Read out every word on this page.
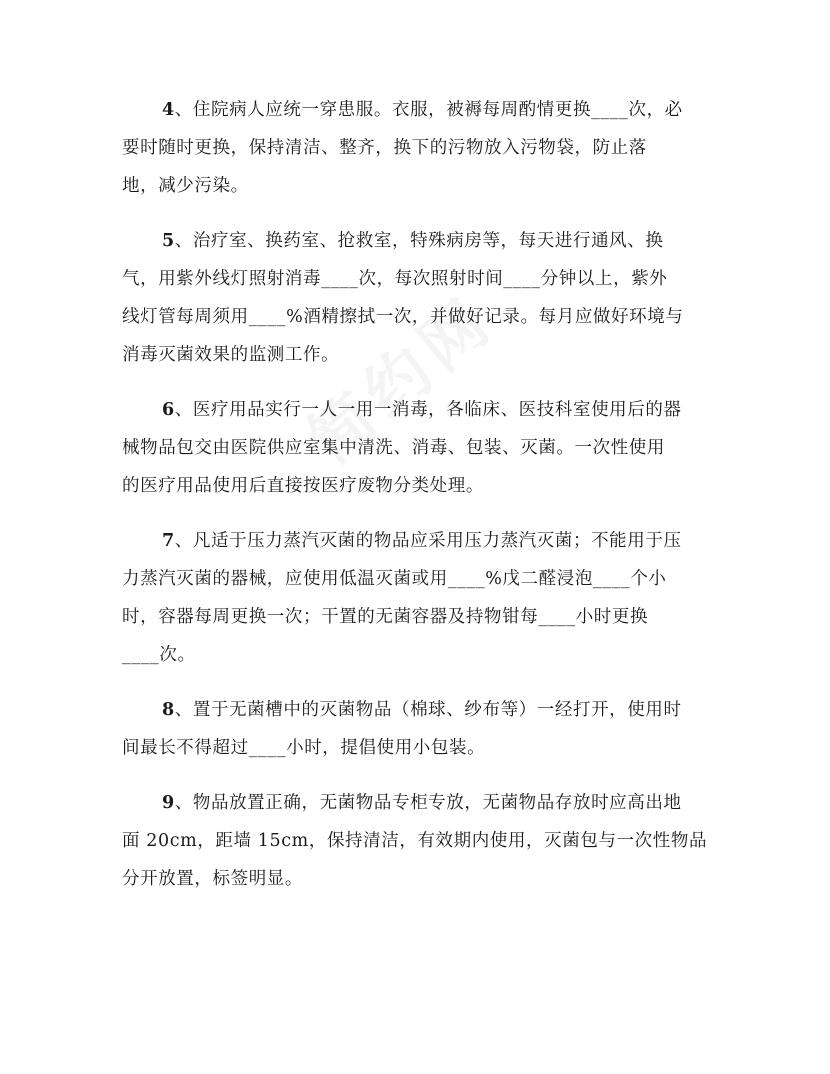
4、住院病人应统一穿患服。衣服，被褥每周酌情更换____次，必
要时随时更换，保持清洁、整齐，换下的污物放入污物袋，防止落
地，减少污染。

5、治疗室、换药室、抢救室，特殊病房等，每天进行通风、换
气，用紫外线灯照射消毒____次，每次照射时间____分钟以上，紫外
线灯管每周须用____%酒精擦拭一次，并做好记录。每月应做好环境与
消毒灭菌效果的监测工作。

6、医疗用品实行一人一用一消毒，各临床、医技科室使用后的器
械物品包交由医院供应室集中清洗、消毒、包装、灭菌。一次性使用
的医疗用品使用后直接按医疗废物分类处理。

7、凡适于压力蒸汽灭菌的物品应采用压力蒸汽灭菌；不能用于压
力蒸汽灭菌的器械，应使用低温灭菌或用____%戊二醛浸泡____个小
时，容器每周更换一次；干置的无菌容器及持物钳每____小时更换
____次。

8、置于无菌槽中的灭菌物品（棉球、纱布等）一经打开，使用时
间最长不得超过____小时，提倡使用小包装。

9、物品放置正确，无菌物品专柜专放，无菌物品存放时应高出地
面 20cm，距墙 15cm，保持清洁，有效期内使用，灭菌包与一次性物品
分开放置，标签明显。
